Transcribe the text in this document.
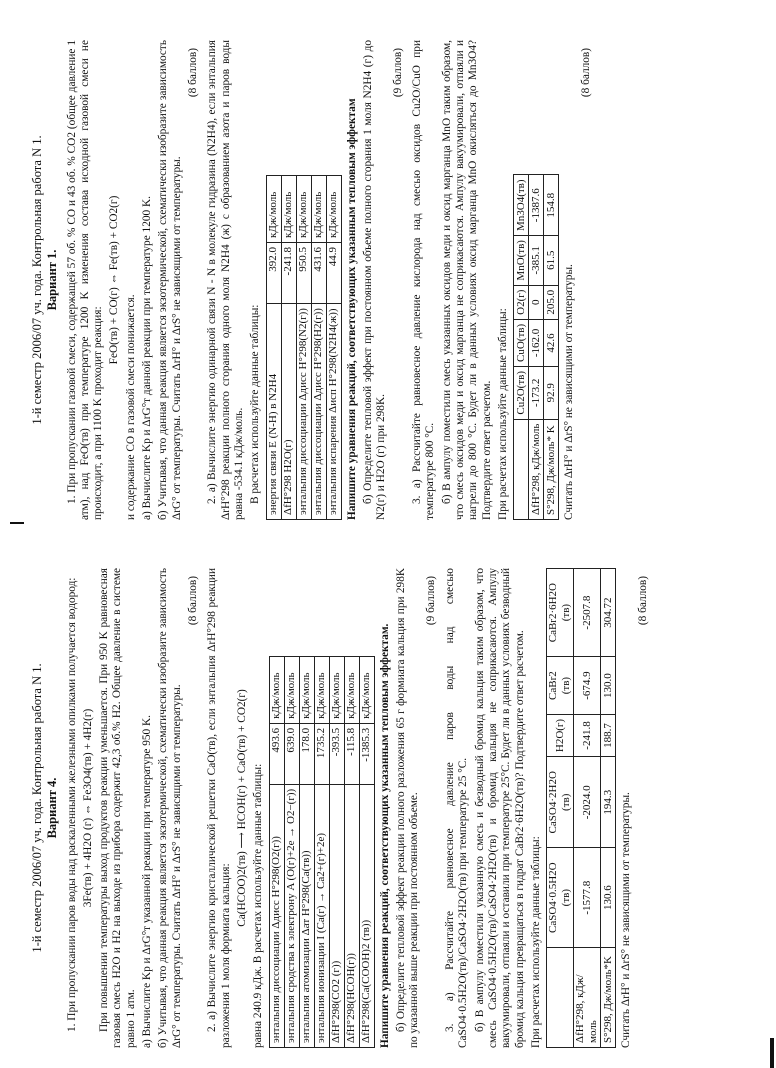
1-й семестр 2006/07 уч. года. Контрольная работа N 1. Вариант 4. 1. При пропускании паров воды над раскаленными железными опилками получается водород: 3Fe(тв) + 4H2O (г) ⇔ Fe3O4(тв) + 4H2(г) При повышении температуры выход продуктов реакции уменьшается. При 950 K равновесная газовая смесь H2O и H2 на выходе из прибора содержит 42,3 об.% H2. Общее давление в системе равно 1 атм. а) Вычислите Kp и ΔrG°т указанной реакции при температуре 950 K. б) Учитывая, что данная реакция является экзотермической, схематически изобразите зависимость ΔrG° от температуры. Считать ΔrH° и ΔrS° не зависящими от температуры.

(8 баллов) 2. а) Вычислите энергию кристаллической решетки CaO(тв), если энтальпия ΔrH°298 реакции разложения 1 моля формиата кальция:

Ca(HCOO)2(тв) ⟶ HCOH(г) + CaO(тв) + CO2(г) равна 240.9 кДж. В расчетах используйте данные таблицы: энтальпия диссоциации Δдисс H°298(O2(г))	493.6	кДж/моль
энтальпия сродства к электрону A (O(г)+2e → O2−(г))	639.0	кДж/моль
энтальпия атомизации Δат H°298(Ca(тв))	178.0	кДж/моль
энтальпия ионизации I (Ca(г) → Ca2+(г)+2e)	1735.2	кДж/моль
ΔfH°298(CO2 (г))	-393.5	кДж/моль
ΔfH°298(HCOH(г))	-115.8	кДж/моль
ΔfH°298(Ca(COOH)2 (тв))	-1385.3	кДж/моль Напишите уравнения реакций, соответствующих указанным тепловым эффектам. б) Определите тепловой эффект реакции полного разложения 65 г формиата кальция при 298K по указанной выше реакции при постоянном объеме.

(9 баллов) 3. а) Рассчитайте равновесное давление паров воды над смесью CaSO4·0.5H2O(тв)/CaSO4·2H2O(тв) при температуре 25 °C. б) В ампулу поместили указанную смесь и безводный бромид кальция таким образом, что смесь CaSO4·0.5H2O(тв)/CaSO4·2H2O(тв) и бромид кальция не соприкасаются. Ампулу вакуумировали, отпаяли и оставили при температуре 25°C. Будет ли в данных условиях безводный бромид кальция превращаться в гидрат CaBr2·6H2O(тв)? Подтвердите ответ расчетом. При расчетах используйте данные таблицы:

	CaSO4·0.5H2O (тв)	CaSO4·2H2O (тв)	H2O(г)	CaBr2 (тв)	CaBr2·6H2O (тв)
ΔfH°298, кДж/моль	-1577.8	-2024.0	-241.8	-674.9	-2507.8
S°298, Дж/моль*K	130.6	194.3	188.7	130.0	304.72

Считать ΔrH° и ΔrS° не зависящими от температуры.

(8 баллов)
1-й семестр 2006/07 уч. года. Контрольная работа N 1. Вариант 1. 1. При пропускании газовой смеси, содержащей 57 об. % CO и 43 об. % CO2 (общее давление 1 атм), над FeO(тв) при температуре 1200 K изменения состава исходной газовой смеси не происходит, а при 1100 K проходит реакция:

FeO(тв) + CO(г) ⇔ Fe(тв) + CO2(г)

и содержание CO в газовой смеси понижается. а) Вычислите Kp и ΔrG°т данной реакции при температуре 1200 K. б) Учитывая, что данная реакция является экзотермической, схематически изобразите зависимость ΔrG° от температуры. Считать ΔrH° и ΔrS° не зависящими от температуры.

(8 баллов) 2. а) Вычислите энергию одинарной связи N - N в молекуле гидразина (N2H4), если энтальпия ΔrH°298 реакции полного сгорания одного моля N2H4 (ж) с образованием азота и паров воды равна -534.1 кДж/моль. В расчетах используйте данные таблицы: энергия связи E (N-H) в N2H4	392.0	кДж/моль
ΔfH°298 H2O(г)	-241.8	кДж/моль
энтальпия диссоциации Δдисс H°298(N2(г))	950.5	кДж/моль
энтальпия диссоциации Δдисс H°298(H2(г))	431.6	кДж/моль
энтальпия испарения Δисп H°298(N2H4(ж))	44.9	кДж/моль Напишите уравнения реакций, соответствующих указанным тепловым эффектам б) Определите тепловой эффект при постоянном объеме полного сгорания 1 моля N2H4 (г) до N2(г) и H2O (г) при 298K.

(9 баллов) 3. а) Рассчитайте равновесное давление кислорода над смесью оксидов Cu2O/CuO при температуре 800 °C. б) В ампулу поместили смесь указанных оксидов меди и оксид марганца MnO таким образом, что смесь оксидов меди и оксид марганца не соприкасаются. Ампулу вакуумировали, отпаяли и нагрели до 800 °C. Будет ли в данных условиях оксид марганца MnO окисляться до Mn3O4? Подтвердите ответ расчетом. При расчетах используйте данные таблицы:

	Cu2O(тв)	CuO(тв)	O2(г)	MnO(тв)	Mn3O4(тв)
ΔfH°298, кДж/моль	-173.2	-162.0	0	-385.1	-1387.6
S°298, Дж/моль* K	92.9	42.6	205.0	61.5	154.8

Считать ΔrH° и ΔrS° не зависящими от температуры.

(8 баллов)
